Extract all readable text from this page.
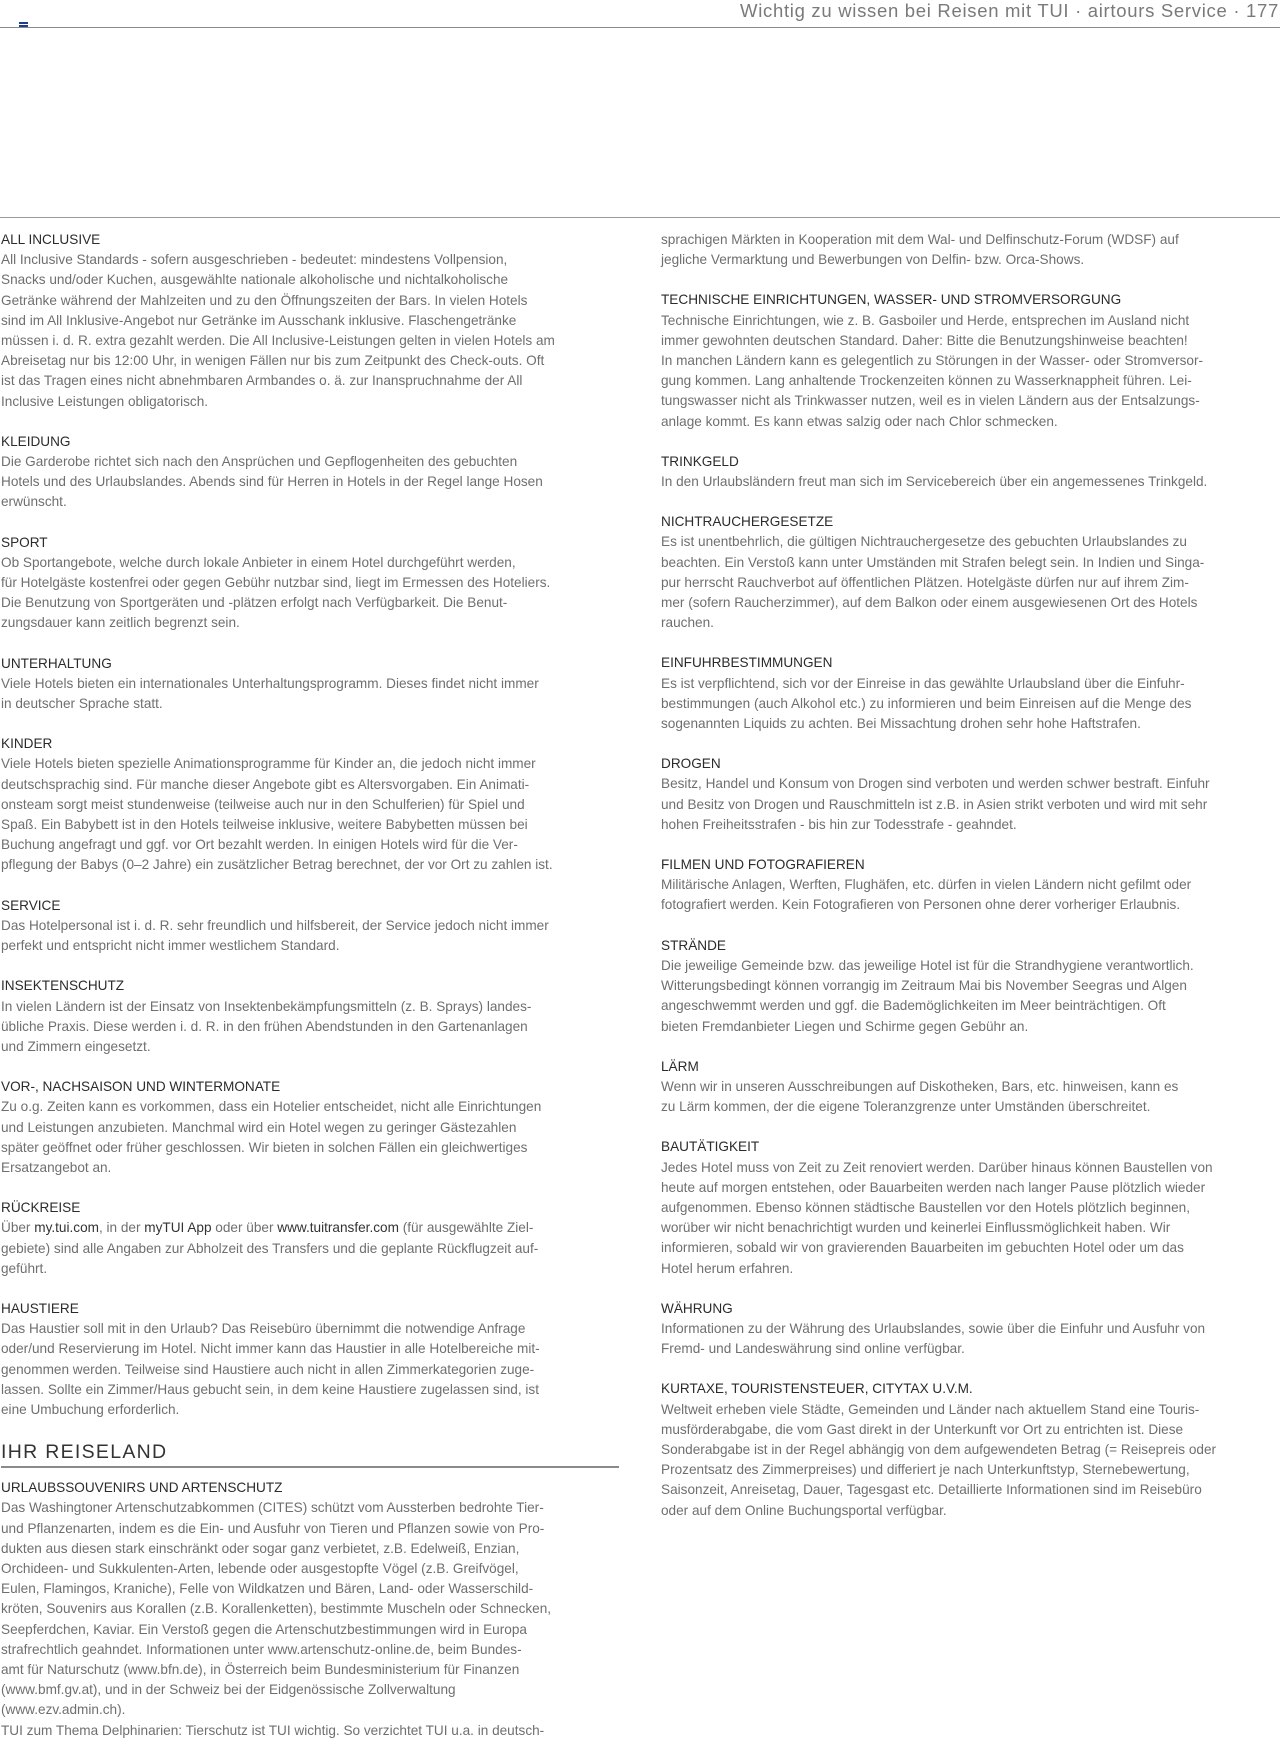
Wichtig zu wissen bei Reisen mit TUI · airtours Service · 177
ALL INCLUSIVE

All Inclusive Standards - sofern ausgeschrieben - bedeutet: mindestens Vollpension,
Snacks und/oder Kuchen, ausgewählte nationale alkoholische und nichtalkoholische
Getränke während der Mahlzeiten und zu den Öffnungszeiten der Bars. In vielen Hotels
sind im All Inklusive-Angebot nur Getränke im Ausschank inklusive. Flaschengetränke
müssen i. d. R. extra gezahlt werden. Die All Inclusive-Leistungen gelten in vielen Hotels am
Abreisetag nur bis 12:00 Uhr, in wenigen Fällen nur bis zum Zeitpunkt des Check-outs. Oft
ist das Tragen eines nicht abnehmbaren Armbandes o. ä. zur Inanspruchnahme der All
Inclusive Leistungen obligatorisch.

KLEIDUNG

Die Garderobe richtet sich nach den Ansprüchen und Gepflogenheiten des gebuchten
Hotels und des Urlaubslandes. Abends sind für Herren in Hotels in der Regel lange Hosen
erwünscht.

SPORT

Ob Sportangebote, welche durch lokale Anbieter in einem Hotel durchgeführt werden,
für Hotelgäste kostenfrei oder gegen Gebühr nutzbar sind, liegt im Ermessen des Hoteliers.
Die Benutzung von Sportgeräten und -plätzen erfolgt nach Verfügbarkeit. Die Benut-
zungsdauer kann zeitlich begrenzt sein.

UNTERHALTUNG

Viele Hotels bieten ein internationales Unterhaltungsprogramm. Dieses findet nicht immer
in deutscher Sprache statt.

KINDER

Viele Hotels bieten spezielle Animationsprogramme für Kinder an, die jedoch nicht immer
deutschsprachig sind. Für manche dieser Angebote gibt es Altersvorgaben. Ein Animati-
onsteam sorgt meist stundenweise (teilweise auch nur in den Schulferien) für Spiel und
Spaß. Ein Babybett ist in den Hotels teilweise inklusive, weitere Babybetten müssen bei
Buchung angefragt und ggf. vor Ort bezahlt werden. In einigen Hotels wird für die Ver-
pflegung der Babys (0–2 Jahre) ein zusätzlicher Betrag berechnet, der vor Ort zu zahlen ist.

SERVICE

Das Hotelpersonal ist i. d. R. sehr freundlich und hilfsbereit, der Service jedoch nicht immer
perfekt und entspricht nicht immer westlichem Standard.

INSEKTENSCHUTZ

In vielen Ländern ist der Einsatz von Insektenbekämpfungsmitteln (z. B. Sprays) landes-
übliche Praxis. Diese werden i. d. R. in den frühen Abendstunden in den Gartenanlagen
und Zimmern eingesetzt.

VOR-, NACHSAISON UND WINTERMONATE

Zu o.g. Zeiten kann es vorkommen, dass ein Hotelier entscheidet, nicht alle Einrichtungen
und Leistungen anzubieten. Manchmal wird ein Hotel wegen zu geringer Gästezahlen
später geöffnet oder früher geschlossen. Wir bieten in solchen Fällen ein gleichwertiges
Ersatzangebot an.

RÜCKREISE

Über my.tui.com, in der myTUI App oder über www.tuitransfer.com (für ausgewählte Ziel-
gebiete) sind alle Angaben zur Abholzeit des Transfers und die geplante Rückflugzeit auf-
geführt.

HAUSTIERE

Das Haustier soll mit in den Urlaub? Das Reisebüro übernimmt die notwendige Anfrage
oder/und Reservierung im Hotel. Nicht immer kann das Haustier in alle Hotelbereiche mit-
genommen werden. Teilweise sind Haustiere auch nicht in allen Zimmerkategorien zuge-
lassen. Sollte ein Zimmer/Haus gebucht sein, in dem keine Haustiere zugelassen sind, ist
eine Umbuchung erforderlich.

IHR REISELAND
URLAUBSSOUVENIRS UND ARTENSCHUTZ

Das Washingtoner Artenschutzabkommen (CITES) schützt vom Aussterben bedrohte Tier-
und Pflanzenarten, indem es die Ein- und Ausfuhr von Tieren und Pflanzen sowie von Pro-
dukten aus diesen stark einschränkt oder sogar ganz verbietet, z.B. Edelweiß, Enzian,
Orchideen- und Sukkulenten-Arten, lebende oder ausgestopfte Vögel (z.B. Greifvögel,
Eulen, Flamingos, Kraniche), Felle von Wildkatzen und Bären, Land- oder Wasserschild-
kröten, Souvenirs aus Korallen (z.B. Korallenketten), bestimmte Muscheln oder Schnecken,
Seepferdchen, Kaviar. Ein Verstoß gegen die Artenschutzbestimmungen wird in Europa
strafrechtlich geahndet. Informationen unter www.artenschutz-online.de, beim Bundes-
amt für Naturschutz (www.bfn.de), in Österreich beim Bundesministerium für Finanzen
(www.bmf.gv.at), und in der Schweiz bei der Eidgenössische Zollverwaltung
(www.ezv.admin.ch).
TUI zum Thema Delphinarien: Tierschutz ist TUI wichtig. So verzichtet TUI u.a. in deutsch-

sprachigen Märkten in Kooperation mit dem Wal- und Delfinschutz-Forum (WDSF) auf
jegliche Vermarktung und Bewerbungen von Delfin- bzw. Orca-Shows.

TECHNISCHE EINRICHTUNGEN, WASSER- UND STROMVERSORGUNG

Technische Einrichtungen, wie z. B. Gasboiler und Herde, entsprechen im Ausland nicht
immer gewohnten deutschen Standard. Daher: Bitte die Benutzungshinweise beachten!
In manchen Ländern kann es gelegentlich zu Störungen in der Wasser- oder Stromversor-
gung kommen. Lang anhaltende Trockenzeiten können zu Wasserknappheit führen. Lei-
tungswasser nicht als Trinkwasser nutzen, weil es in vielen Ländern aus der Entsalzungs-
anlage kommt. Es kann etwas salzig oder nach Chlor schmecken.

TRINKGELD

In den Urlaubsländern freut man sich im Servicebereich über ein angemessenes Trinkgeld.

NICHTRAUCHERGESETZE

Es ist unentbehrlich, die gültigen Nichtrauchergesetze des gebuchten Urlaubslandes zu
beachten. Ein Verstoß kann unter Umständen mit Strafen belegt sein. In Indien und Singa-
pur herrscht Rauchverbot auf öffentlichen Plätzen. Hotelgäste dürfen nur auf ihrem Zim-
mer (sofern Raucherzimmer), auf dem Balkon oder einem ausgewiesenen Ort des Hotels
rauchen.

EINFUHRBESTIMMUNGEN

Es ist verpflichtend, sich vor der Einreise in das gewählte Urlaubsland über die Einfuhr-
bestimmungen (auch Alkohol etc.) zu informieren und beim Einreisen auf die Menge des
sogenannten Liquids zu achten. Bei Missachtung drohen sehr hohe Haftstrafen.

DROGEN

Besitz, Handel und Konsum von Drogen sind verboten und werden schwer bestraft. Einfuhr
und Besitz von Drogen und Rauschmitteln ist z.B. in Asien strikt verboten und wird mit sehr
hohen Freiheitsstrafen - bis hin zur Todesstrafe - geahndet.

FILMEN UND FOTOGRAFIEREN

Militärische Anlagen, Werften, Flughäfen, etc. dürfen in vielen Ländern nicht gefilmt oder
fotografiert werden. Kein Fotografieren von Personen ohne derer vorheriger Erlaubnis.

STRÄNDE

Die jeweilige Gemeinde bzw. das jeweilige Hotel ist für die Strandhygiene verantwortlich.
Witterungsbedingt können vorrangig im Zeitraum Mai bis November Seegras und Algen
angeschwemmt werden und ggf. die Bademöglichkeiten im Meer beinträchtigen. Oft
bieten Fremdanbieter Liegen und Schirme gegen Gebühr an.

LÄRM

Wenn wir in unseren Ausschreibungen auf Diskotheken, Bars, etc. hinweisen, kann es
zu Lärm kommen, der die eigene Toleranzgrenze unter Umständen überschreitet.

BAUTÄTIGKEIT

Jedes Hotel muss von Zeit zu Zeit renoviert werden. Darüber hinaus können Baustellen von
heute auf morgen entstehen, oder Bauarbeiten werden nach langer Pause plötzlich wieder
aufgenommen. Ebenso können städtische Baustellen vor den Hotels plötzlich beginnen,
worüber wir nicht benachrichtigt wurden und keinerlei Einflussmöglichkeit haben. Wir
informieren, sobald wir von gravierenden Bauarbeiten im gebuchten Hotel oder um das
Hotel herum erfahren.

WÄHRUNG

Informationen zu der Währung des Urlaubslandes, sowie über die Einfuhr und Ausfuhr von
Fremd- und Landeswährung sind online verfügbar.

KURTAXE, TOURISTENSTEUER, CITYTAX U.V.M.

Weltweit erheben viele Städte, Gemeinden und Länder nach aktuellem Stand eine Touris-
musförderabgabe, die vom Gast direkt in der Unterkunft vor Ort zu entrichten ist. Diese
Sonderabgabe ist in der Regel abhängig von dem aufgewendeten Betrag (= Reisepreis oder
Prozentsatz des Zimmerpreises) und differiert je nach Unterkunftstyp, Sternebewertung,
Saisonzeit, Anreisetag, Dauer, Tagesgast etc. Detaillierte Informationen sind im Reisebüro
oder auf dem Online Buchungsportal verfügbar.
